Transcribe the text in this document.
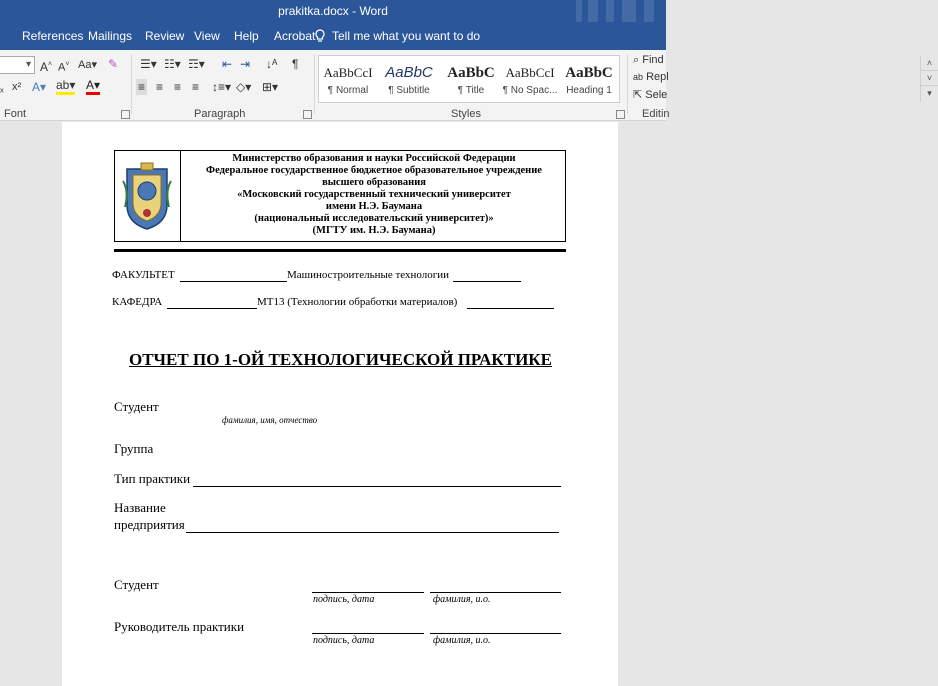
prakitka.docx - Word
References Mailings Review View Help Acrobat	Tell me what you want to do
▾ A˄ A˅ Aa▾ ✎
ₓ x² A▾ ab▾ A▾
Font
☰▾ ☷▾ ☶▾ ⇤ ⇥ ↓ᴬ ¶
≡ ≡ ≡ ≡ ↕≡▾ ◇▾ ⊞▾
Paragraph
AaBbCcI
¶ Normal
AaBbC
¶ Subtitle
AaBbC
¶ Title
AaBbCcI
¶ No Spac...
AaBbC
Heading 1
˄
˅
▾
Styles
⌕ Find
ab Repl
⇱ Sele
Editin
Министерство образования и науки Российской Федерации
Федеральное государственное бюджетное образовательное учреждение
высшего образования
«Московский государственный технический университет
имени Н.Э. Баумана
(национальный исследовательский университет)»
(МГТУ им. Н.Э. Баумана)
ФАКУЛЬТЕТ	Машиностроительные технологии
КАФЕДРА	МТ13 (Технологии обработки материалов)
ОТЧЕТ ПО 1-ОЙ ТЕХНОЛОГИЧЕСКОЙ ПРАКТИКЕ
Студент
фамилия, имя, отчество
Группа
Тип практики
Название
предприятия
Студент
подпись, дата	фамилия, и.о.
Руководитель практики
подпись, дата	фамилия, и.о.
